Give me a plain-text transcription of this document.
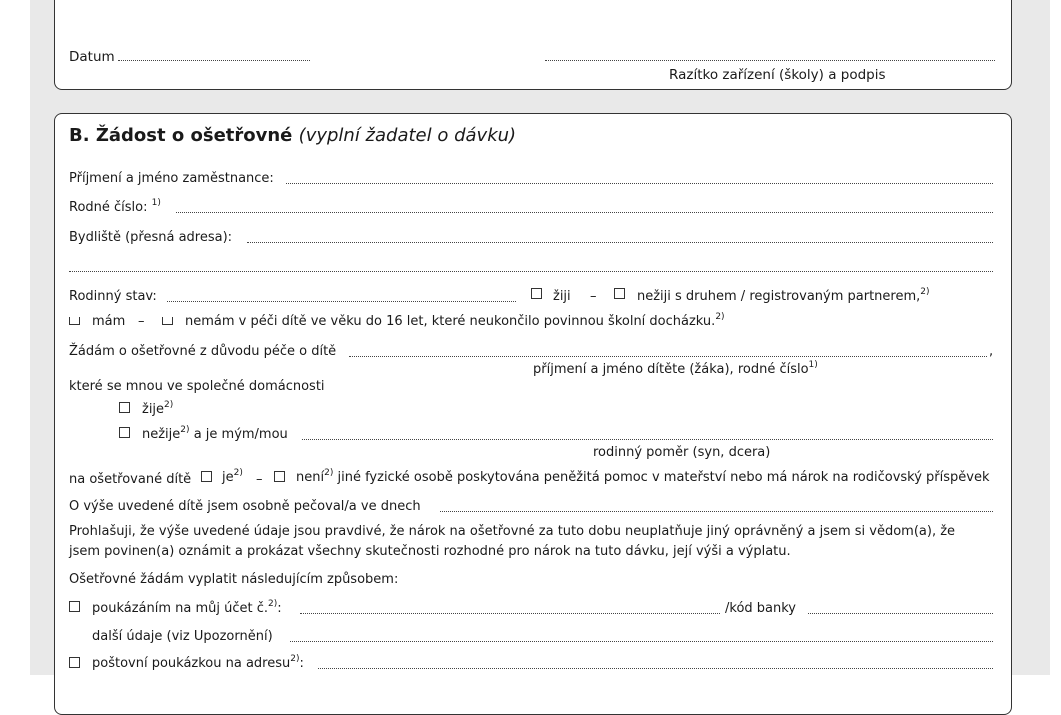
Datum
Razítko zařízení (školy) a podpis
B. Žádost o ošetřovné (vyplní žadatel o dávku)
Příjmení a jméno zaměstnance:
Rodné číslo: $^{1)}$
Bydliště (přesná adresa):
Rodinný stav:	žiji –	nežiji s druhem / registrovaným partnerem,$^{2)}$
mám –	nemám v péči dítě ve věku do 16 let, které neukončilo povinnou školní docházku.$^{2)}$
Žádám o ošetřovné z důvodu péče o dítě	,
příjmení a jméno dítěte (žáka), rodné číslo$^{1)}$
které se mnou ve společné domácnosti
žije$^{2)}$
nežije$^{2)}$ a je mým/mou
rodinný poměr (syn, dcera)
na ošetřované dítě $je^{2)}$ –	není$^{2)}$ jiné fyzické osobě poskytována peněžitá pomoc v mateřství nebo má nárok na rodičovský příspěvek
O výše uvedené dítě jsem osobně pečoval/a ve dnech
Prohlašuji, že výše uvedené údaje jsou pravdivé, že nárok na ošetřovné za tuto dobu neuplatňuje jiný oprávněný a jsem si vědom(a), že
jsem povinen(a) oznámit a prokázat všechny skutečnosti rozhodné pro nárok na tuto dávku, její výši a výplatu.
Ošetřovné žádám vyplatit následujícím způsobem:
poukázáním na můj účet č.$^{2)}$:	/kód banky
další údaje (viz Upozornění)
poštovní poukázkou na adresu$^{2)}$:
